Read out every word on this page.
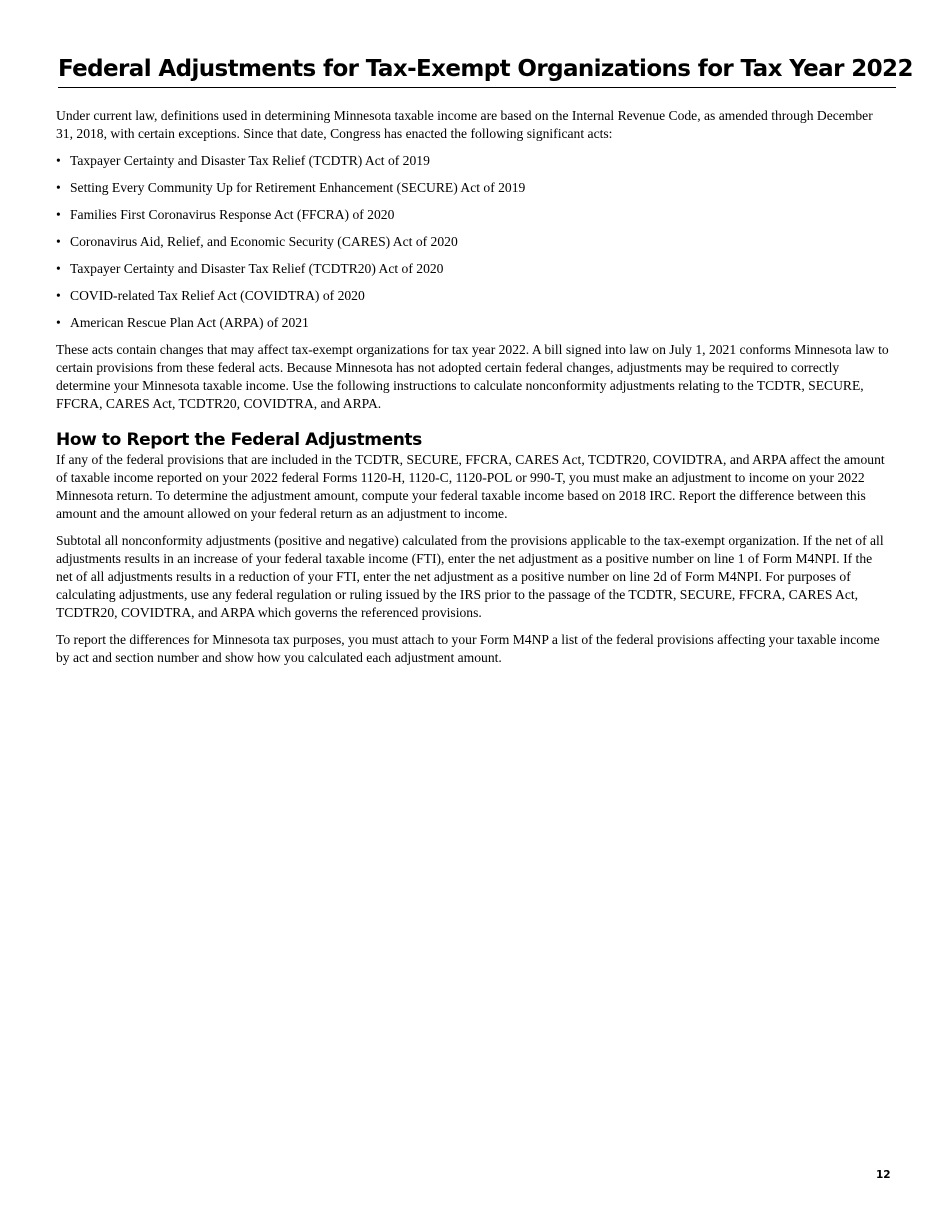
Federal Adjustments for Tax-Exempt Organizations for Tax Year 2022

Under current law, definitions used in determining Minnesota taxable income are based on the Internal Revenue Code, as amended through December 31, 2018, with certain exceptions. Since that date, Congress has enacted the following significant acts:

• Taxpayer Certainty and Disaster Tax Relief (TCDTR) Act of 2019
• Setting Every Community Up for Retirement Enhancement (SECURE) Act of 2019
• Families First Coronavirus Response Act (FFCRA) of 2020
• Coronavirus Aid, Relief, and Economic Security (CARES) Act of 2020
• Taxpayer Certainty and Disaster Tax Relief (TCDTR20) Act of 2020
• COVID-related Tax Relief Act (COVIDTRA) of 2020
• American Rescue Plan Act (ARPA) of 2021

These acts contain changes that may affect tax-exempt organizations for tax year 2022. A bill signed into law on July 1, 2021 conforms Minnesota law to certain provisions from these federal acts. Because Minnesota has not adopted certain federal changes, adjustments may be required to correctly determine your Minnesota taxable income. Use the following instructions to calculate nonconformity adjustments relating to the TCDTR, SECURE, FFCRA, CARES Act, TCDTR20, COVIDTRA, and ARPA.

How to Report the Federal Adjustments

If any of the federal provisions that are included in the TCDTR, SECURE, FFCRA, CARES Act, TCDTR20, COVIDTRA, and ARPA affect the amount of taxable income reported on your 2022 federal Forms 1120-H, 1120-C, 1120-POL or 990-T, you must make an adjustment to income on your 2022 Minnesota return. To determine the adjustment amount, compute your federal taxable income based on 2018 IRC. Report the difference between this amount and the amount allowed on your federal return as an adjustment to income.

Subtotal all nonconformity adjustments (positive and negative) calculated from the provisions applicable to the tax-exempt organization. If the net of all adjustments results in an increase of your federal taxable income (FTI), enter the net adjustment as a positive number on line 1 of Form M4NPI. If the net of all adjustments results in a reduction of your FTI, enter the net adjustment as a positive number on line 2d of Form M4NPI. For purposes of calculating adjustments, use any federal regulation or ruling issued by the IRS prior to the passage of the TCDTR, SECURE, FFCRA, CARES Act, TCDTR20, COVIDTRA, and ARPA which governs the referenced provisions.

To report the differences for Minnesota tax purposes, you must attach to your Form M4NP a list of the federal provisions affecting your taxable income by act and section number and show how you calculated each adjustment amount.

12
